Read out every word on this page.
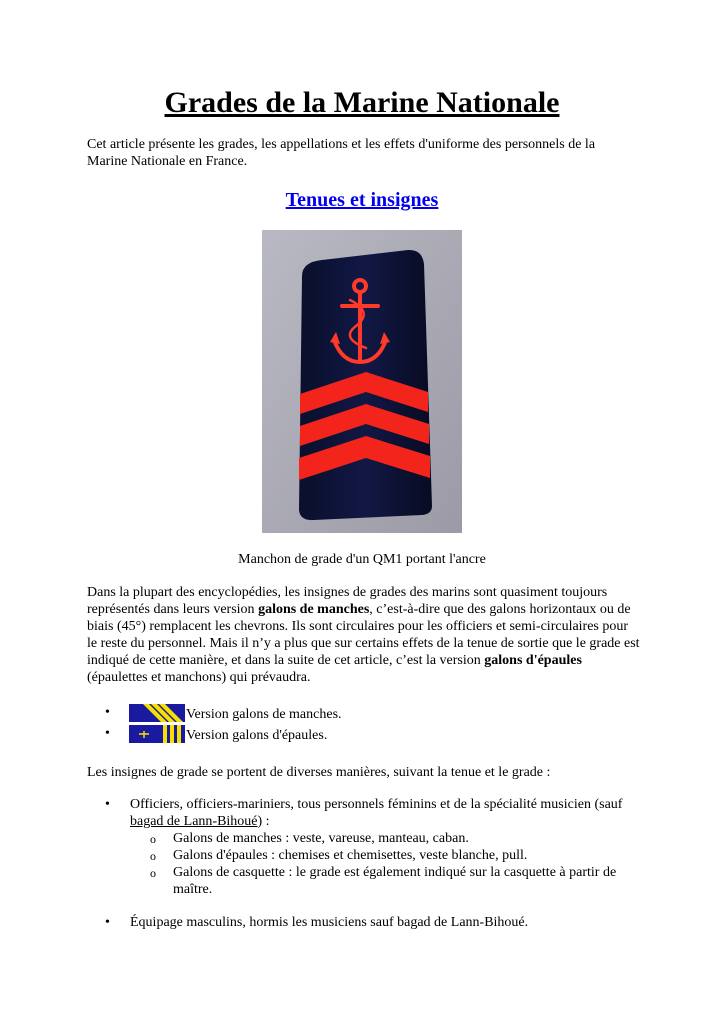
Grades de la Marine Nationale

Cet article présente les grades, les appellations et les effets d'uniforme des personnels de la Marine Nationale en France.

Tenues et insignes

Manchon de grade d'un QM1 portant l'ancre

Dans la plupart des encyclopédies, les insignes de grades des marins sont quasiment toujours représentés dans leurs version galons de manches, c’est-à-dire que des galons horizontaux ou de biais (45°) remplacent les chevrons. Ils sont circulaires pour les officiers et semi-circulaires pour le reste du personnel. Mais il n’y a plus que sur certains effets de la tenue de sortie que le grade est indiqué de cette manière, et dans la suite de cet article, c’est la version galons d'épaules (épaulettes et manchons) qui prévaudra.

•	Version galons de manches.
•	Version galons d'épaules.

Les insignes de grade se portent de diverses manières, suivant la tenue et le grade :

• Officiers, officiers-mariniers, tous personnels féminins et de la spécialité musicien (sauf bagad de Lann-Bihoué) :
o Galons de manches : veste, vareuse, manteau, caban.
o Galons d'épaules : chemises et chemisettes, veste blanche, pull.
o Galons de casquette : le grade est également indiqué sur la casquette à partir de maître.
• Équipage masculins, hormis les musiciens sauf bagad de Lann-Bihoué.
